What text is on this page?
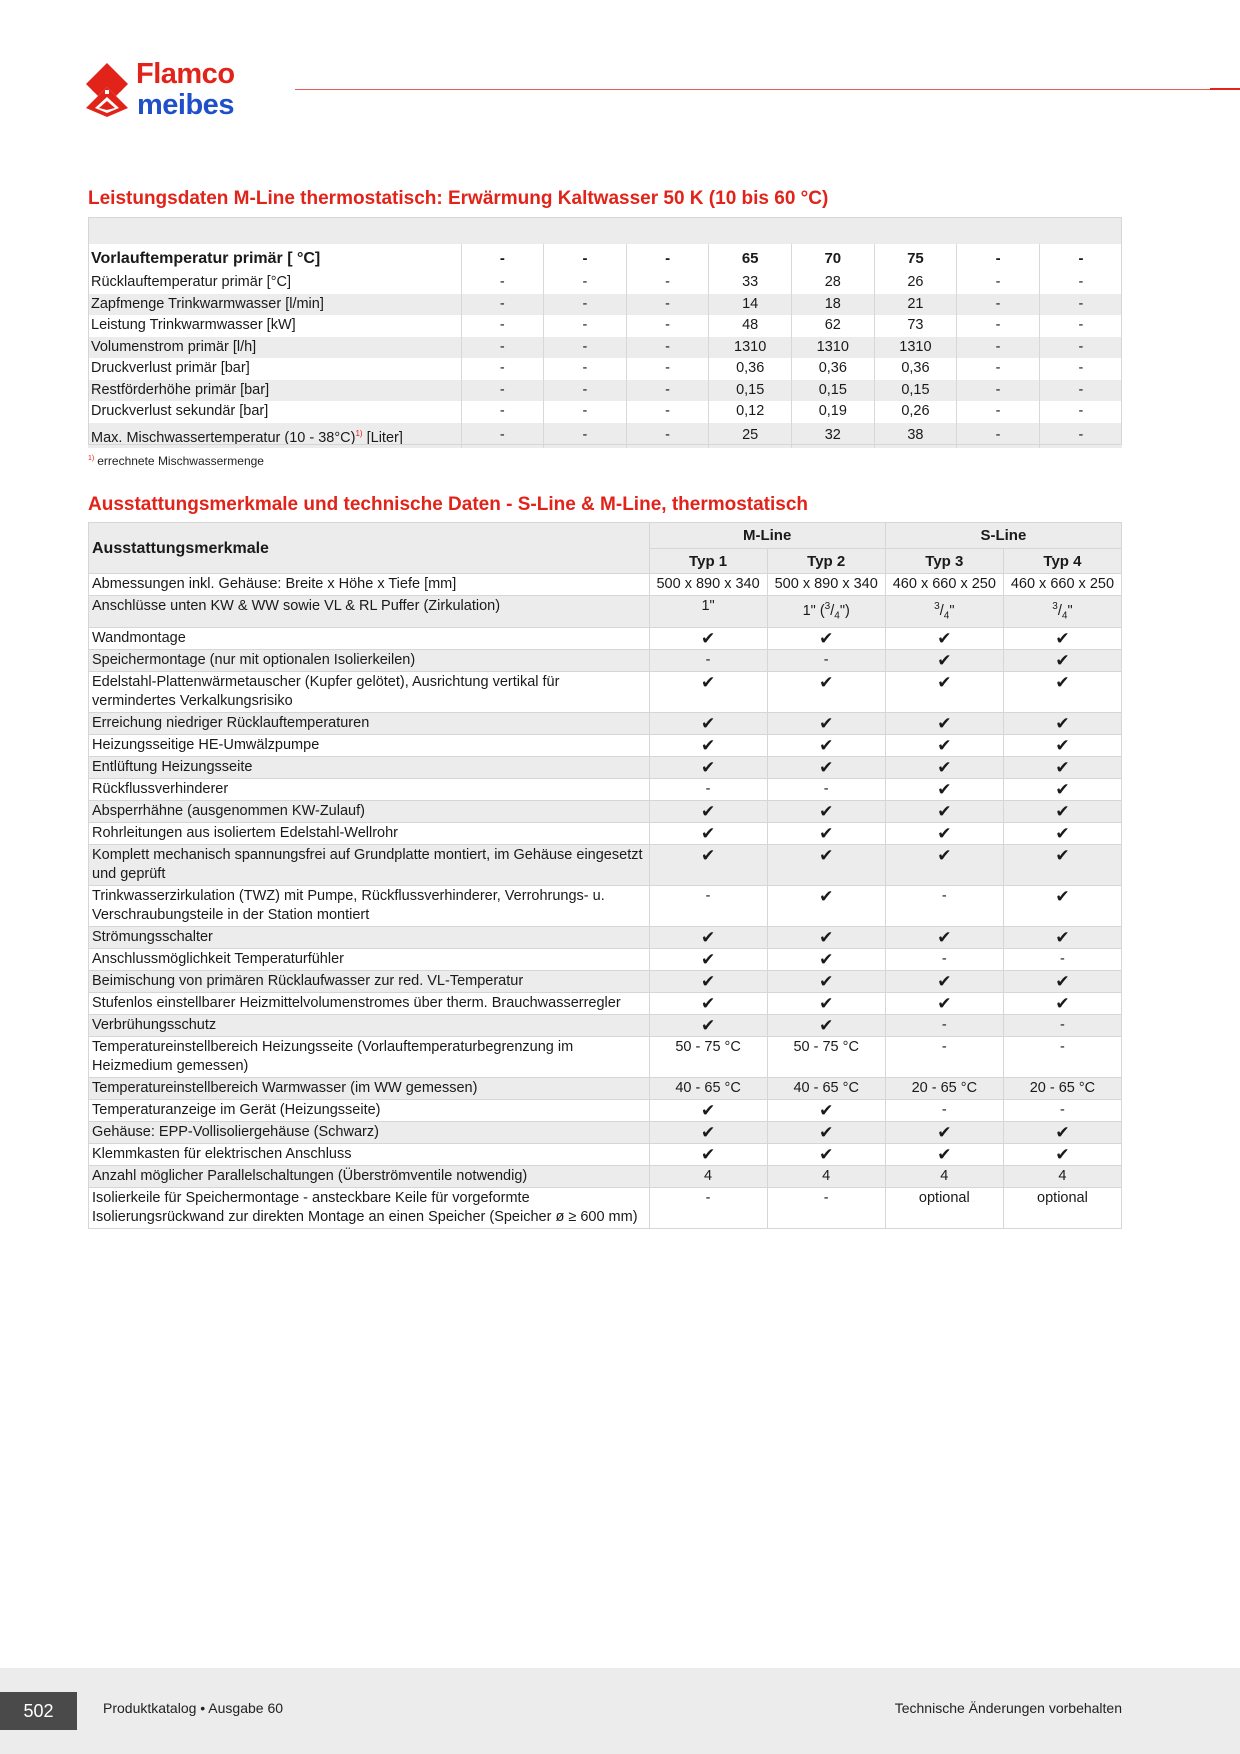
Flamco
meibes
Leistungsdaten M-Line thermostatisch: Erwärmung Kaltwasser 50 K (10 bis 60 °C)
Vorlauftemperatur primär [ °C]	-	-	-	65	70	75	-	-
Rücklauftemperatur primär [°C]	-	-	-	33	28	26	-	-
Zapfmenge Trinkwarmwasser [l/min]	-	-	-	14	18	21	-	-
Leistung Trinkwarmwasser [kW]	-	-	-	48	62	73	-	-
Volumenstrom primär [l/h]	-	-	-	1310	1310	1310	-	-
Druckverlust primär [bar]	-	-	-	0,36	0,36	0,36	-	-
Restförderhöhe primär [bar]	-	-	-	0,15	0,15	0,15	-	-
Druckverlust sekundär [bar]	-	-	-	0,12	0,19	0,26	-	-
Max. Mischwassertemperatur (10 - 38°C)$^{1)}$ [Liter]	-	-	-	25	32	38	-	-
$^{1)}$ errechnete Mischwassermenge
Ausstattungsmerkmale und technische Daten - S-Line & M-Line, thermostatisch
Ausstattungsmerkmale	M-Line		S-Line	
	Typ 1	Typ 2	Typ 3	Typ 4
Abmessungen inkl. Gehäuse: Breite x Höhe x Tiefe [mm]	500 x 890 x 340	500 x 890 x 340	460 x 660 x 250	460 x 660 x 250
Anschlüsse unten KW & WW sowie VL & RL Puffer (Zirkulation)	1"	1" $(^3/_4")$	$^3/_4$"	$^3/_4$"
Wandmontage	✔	✔	✔	✔
Speichermontage (nur mit optionalen Isolierkeilen)	-	-	✔	✔
Edelstahl-Plattenwärmetauscher (Kupfer gelötet), Ausrichtung vertikal für vermindertes Verkalkungsrisiko	✔	✔	✔	✔
Erreichung niedriger Rücklauftemperaturen	✔	✔	✔	✔
Heizungsseitige HE-Umwälzpumpe	✔	✔	✔	✔
Entlüftung Heizungsseite	✔	✔	✔	✔
Rückflussverhinderer	-	-	✔	✔
Absperrhähne (ausgenommen KW-Zulauf)	✔	✔	✔	✔
Rohrleitungen aus isoliertem Edelstahl-Wellrohr	✔	✔	✔	✔
Komplett mechanisch spannungsfrei auf Grundplatte montiert, im Gehäuse eingesetzt und geprüft	✔	✔	✔	✔
Trinkwasserzirkulation (TWZ) mit Pumpe, Rückflussverhinderer, Verrohrungs- u. Verschraubungsteile in der Station montiert	-	✔	-	✔
Strömungsschalter	✔	✔	✔	✔
Anschlussmöglichkeit Temperaturfühler	✔	✔	-	-
Beimischung von primären Rücklaufwasser zur red. VL-Temperatur	✔	✔	✔	✔
Stufenlos einstellbarer Heizmittelvolumenstromes über therm. Brauchwasserregler	✔	✔	✔	✔
Verbrühungsschutz	✔	✔	-	-
Temperatureinstellbereich Heizungsseite (Vorlauftemperaturbegrenzung im Heizmedium gemessen)	50 - 75 °C	50 - 75 °C	-	-
Temperatureinstellbereich Warmwasser (im WW gemessen)	40 - 65 °C	40 - 65 °C	20 - 65 °C	20 - 65 °C
Temperaturanzeige im Gerät (Heizungsseite)	✔	✔	-	-
Gehäuse: EPP-Vollisoliergehäuse (Schwarz)	✔	✔	✔	✔
Klemmkasten für elektrischen Anschluss	✔	✔	✔	✔
Anzahl möglicher Parallelschaltungen (Überströmventile notwendig)	4	4	4	4
Isolierkeile für Speichermontage - ansteckbare Keile für vorgeformte Isolierungsrückwand zur direkten Montage an einen Speicher (Speicher ø ≥ 600 mm)	-	-	optional	optional
502	Produktkatalog • Ausgabe 60	Technische Änderungen vorbehalten
